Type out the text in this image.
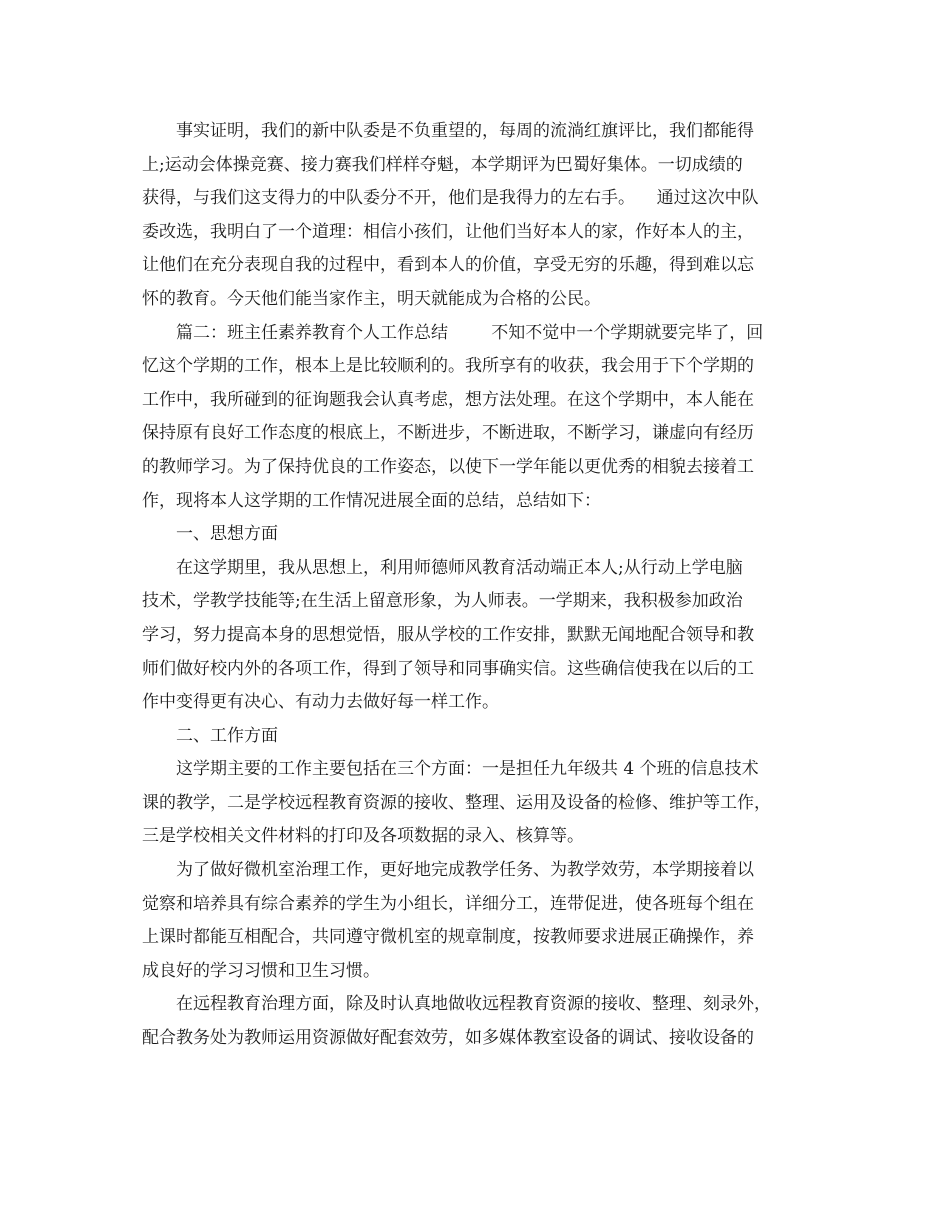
事实证明，我们的新中队委是不负重望的，每周的流淌红旗评比，我们都能得
上;运动会体操竞赛、接力赛我们样样夺魁，本学期评为巴蜀好集体。一切成绩的
获得，与我们这支得力的中队委分不开，他们是我得力的左右手。    通过这次中队
委改选，我明白了一个道理：相信小孩们，让他们当好本人的家，作好本人的主，
让他们在充分表现自我的过程中，看到本人的价值，享受无穷的乐趣，得到难以忘
怀的教育。今天他们能当家作主，明天就能成为合格的公民。
篇二：班主任素养教育个人工作总结        不知不觉中一个学期就要完毕了，回
忆这个学期的工作，根本上是比较顺利的。我所享有的收获，我会用于下个学期的
工作中，我所碰到的征询题我会认真考虑，想方法处理。在这个学期中，本人能在
保持原有良好工作态度的根底上，不断进步，不断进取，不断学习，谦虚向有经历
的教师学习。为了保持优良的工作姿态，以使下一学年能以更优秀的相貌去接着工
作，现将本人这学期的工作情况进展全面的总结，总结如下：
一、思想方面
在这学期里，我从思想上，利用师德师风教育活动端正本人;从行动上学电脑
技术，学教学技能等;在生活上留意形象，为人师表。一学期来，我积极参加政治
学习，努力提高本身的思想觉悟，服从学校的工作安排，默默无闻地配合领导和教
师们做好校内外的各项工作，得到了领导和同事确实信。这些确信使我在以后的工
作中变得更有决心、有动力去做好每一样工作。
二、工作方面
这学期主要的工作主要包括在三个方面：一是担任九年级共 4 个班的信息技术
课的教学，二是学校远程教育资源的接收、整理、运用及设备的检修、维护等工作，
三是学校相关文件材料的打印及各项数据的录入、核算等。
为了做好微机室治理工作，更好地完成教学任务、为教学效劳，本学期接着以
觉察和培养具有综合素养的学生为小组长，详细分工，连带促进，使各班每个组在
上课时都能互相配合，共同遵守微机室的规章制度，按教师要求进展正确操作，养
成良好的学习习惯和卫生习惯。
在远程教育治理方面，除及时认真地做收远程教育资源的接收、整理、刻录外，
配合教务处为教师运用资源做好配套效劳，如多媒体教室设备的调试、接收设备的
